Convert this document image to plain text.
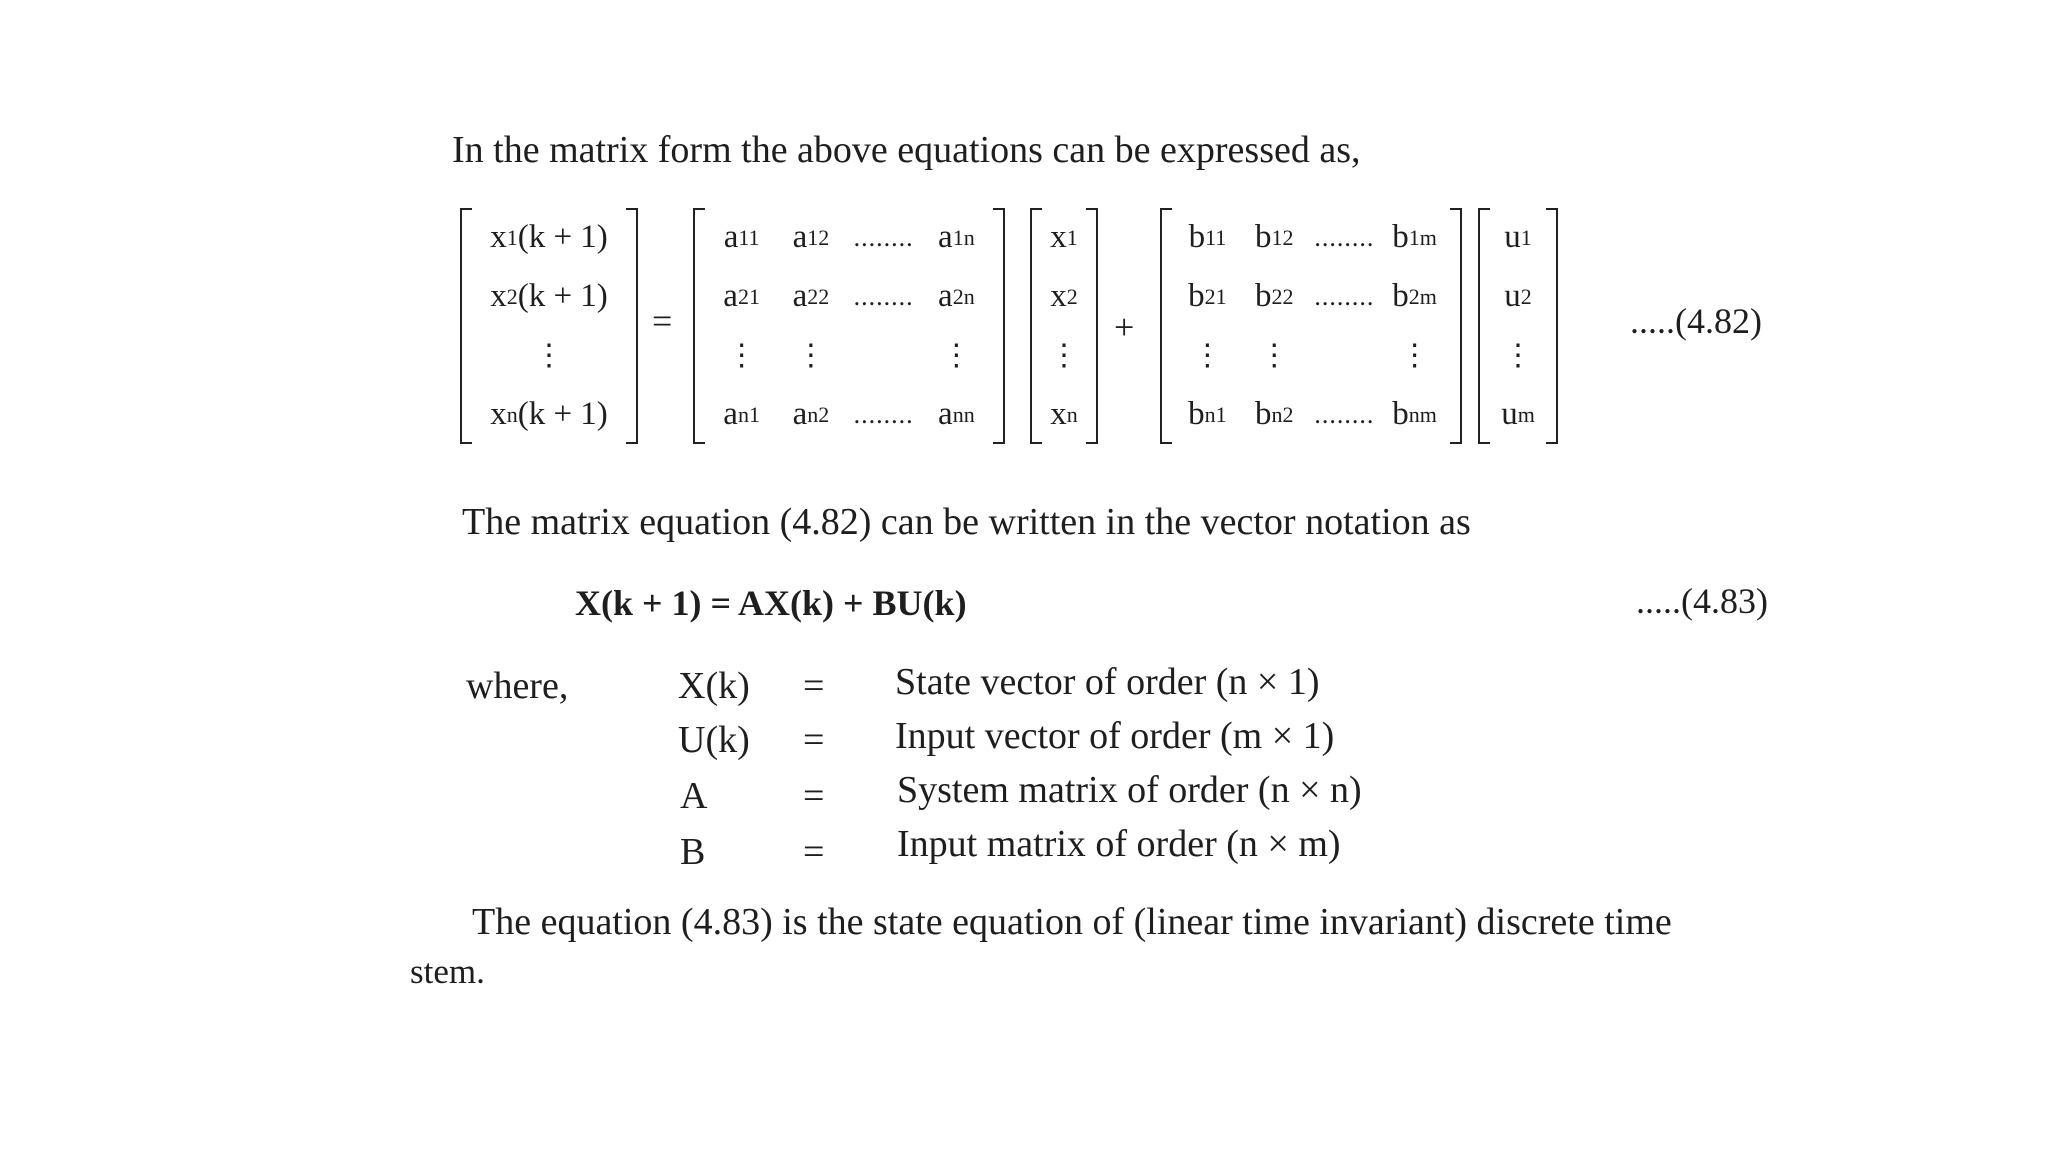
In the matrix form the above equations can be expressed as,
x 1 (k + 1)
x 2 (k + 1)
⋮
x n (k + 1)
=
a 11 a 12 ........ a 1n
a 21 a 22 ........ a 2n
⋮ ⋮	⋮
a n1 a n2 ........ a nn
x 1
x 2
⋮
x n
+
b 11 b 12 ........ b 1m
b 21 b 22 ........ b 2m
⋮ ⋮	⋮
b n1 b n2 ........ b nm
u 1
u 2
⋮
u m
.....(4.82)
The matrix equation (4.82) can be written in the vector notation as
X(k + 1) = AX(k) + BU(k)	.....(4.83)
where,	X(k) = State vector of order (n × 1)
U(k) = Input vector of order (m × 1)
A	= System matrix of order (n × n)
B	= Input matrix of order (n × m)
The equation (4.83) is the state equation of (linear time invariant) discrete time
stem.
